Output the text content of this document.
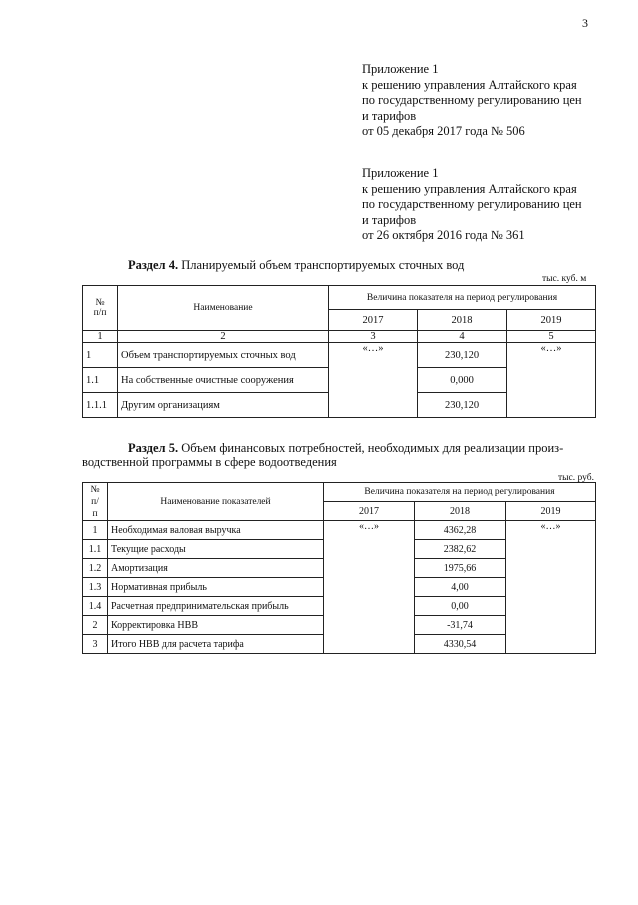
3
Приложение 1
к решению управления Алтайского края
по государственному регулированию цен
и тарифов
от 05 декабря 2017 года № 506
Приложение 1
к решению управления Алтайского края
по государственному регулированию цен
и тарифов
от 26 октября 2016 года № 361
Раздел 4. Планируемый объем транспортируемых сточных вод
тыс. куб. м
№
п/п	Наименование	Величина показателя на период регулирования		
		2017	2018	2019
1	2	3	4	5
1	Объем транспортируемых сточных вод	«…»	230,120	«…»
1.1	На собственные очистные сооружения		0,000	
1.1.1	Другим организациям		230,120	
Раздел 5. Объем финансовых потребностей, необходимых для реализации произ-
водственной программы в сфере водоотведения
тыс. руб.
№
п/
п	Наименование показателей	Величина показателя на период регулирования		
		2017	2018	2019
1	Необходимая валовая выручка	«…»	4362,28	«…»
1.1	Текущие расходы		2382,62	
1.2	Амортизация		1975,66	
1.3	Нормативная прибыль		4,00	
1.4	Расчетная предпринимательская прибыль		0,00	
2	Корректировка НВВ		-31,74	
3	Итого НВВ для расчета тарифа		4330,54	
